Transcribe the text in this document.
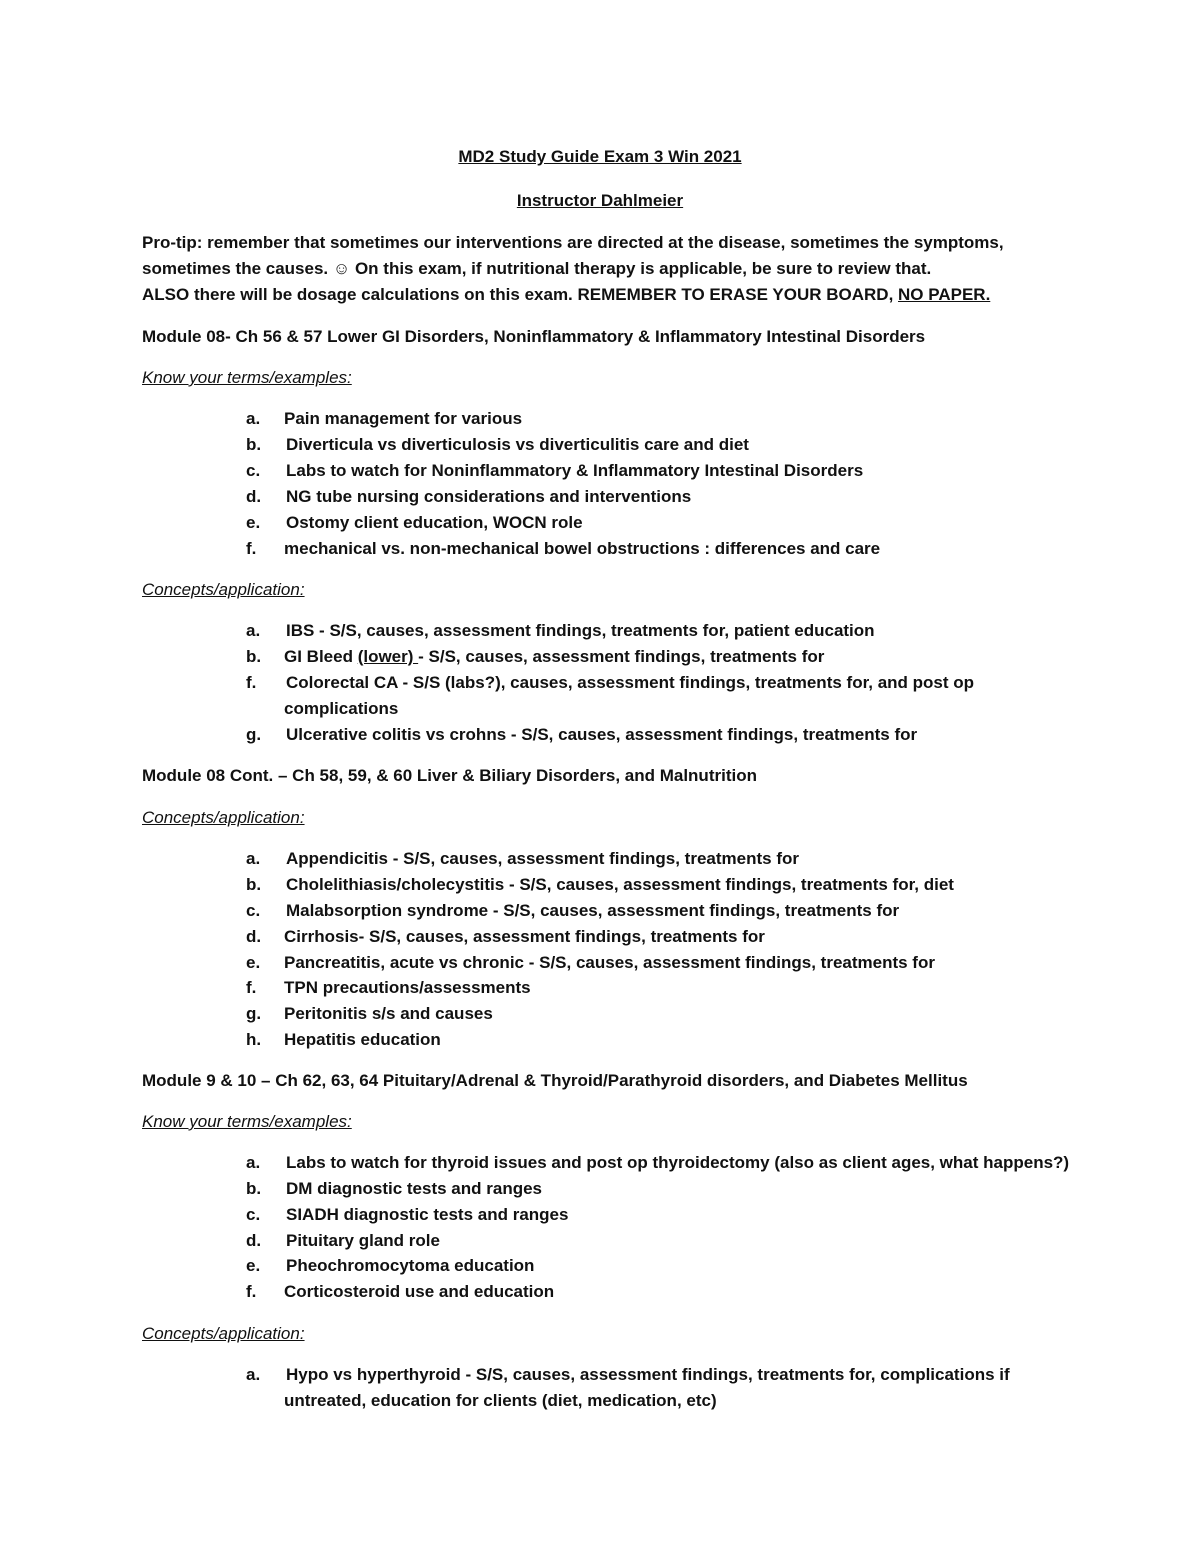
MD2 Study Guide Exam 3 Win 2021
Instructor Dahlmeier
Pro-tip: remember that sometimes our interventions are directed at the disease, sometimes the symptoms,
sometimes the causes. ☺ On this exam, if nutritional therapy is applicable, be sure to review that.
ALSO there will be dosage calculations on this exam. REMEMBER TO ERASE YOUR BOARD, NO PAPER.
Module 08- Ch 56 & 57 Lower GI Disorders, Noninflammatory & Inflammatory Intestinal Disorders
Know your terms/examples:
a.	Pain management for various
b.	Diverticula vs diverticulosis vs diverticulitis care and diet
c.	Labs to watch for Noninflammatory & Inflammatory Intestinal Disorders
d.	NG tube nursing considerations and interventions
e.	Ostomy client education, WOCN role
f.	mechanical vs. non-mechanical bowel obstructions : differences and care
Concepts/application:
a.	IBS - S/S, causes, assessment findings, treatments for, patient education
b.	GI Bleed (lower) - S/S, causes, assessment findings, treatments for
f.	Colorectal CA - S/S (labs?), causes, assessment findings, treatments for, and post op
complications
g.	Ulcerative colitis vs crohns - S/S, causes, assessment findings, treatments for
Module 08 Cont. – Ch 58, 59, & 60 Liver & Biliary Disorders, and Malnutrition
Concepts/application:
a.	Appendicitis - S/S, causes, assessment findings, treatments for
b.	Cholelithiasis/cholecystitis - S/S, causes, assessment findings, treatments for, diet
c.	Malabsorption syndrome - S/S, causes, assessment findings, treatments for
d.	Cirrhosis- S/S, causes, assessment findings, treatments for
e.	Pancreatitis, acute vs chronic - S/S, causes, assessment findings, treatments for
f.	TPN precautions/assessments
g.	Peritonitis s/s and causes
h.	Hepatitis education
Module 9 & 10 – Ch 62, 63, 64 Pituitary/Adrenal & Thyroid/Parathyroid disorders, and Diabetes Mellitus
Know your terms/examples:
a.	Labs to watch for thyroid issues and post op thyroidectomy (also as client ages, what happens?)
b.	DM diagnostic tests and ranges
c.	SIADH diagnostic tests and ranges
d.	Pituitary gland role
e.	Pheochromocytoma education
f.	Corticosteroid use and education
Concepts/application:
a.	Hypo vs hyperthyroid - S/S, causes, assessment findings, treatments for, complications if
untreated, education for clients (diet, medication, etc)
